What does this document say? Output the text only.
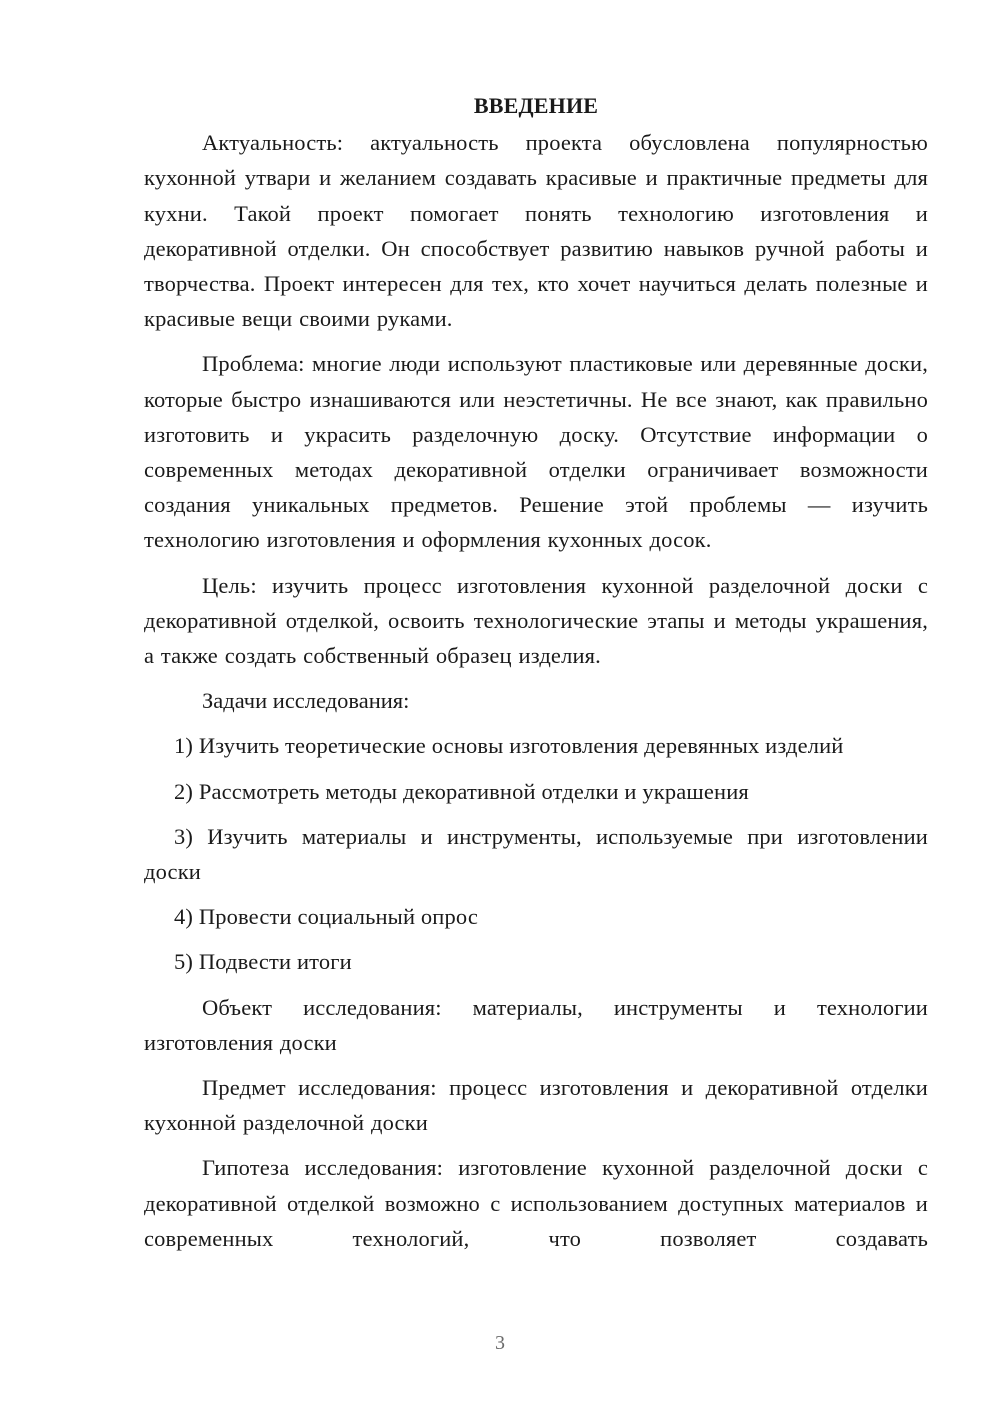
ВВЕДЕНИЕ

Актуальность: актуальность проекта обусловлена популярностью кухонной утвари и желанием создавать красивые и практичные предметы для кухни. Такой проект помогает понять технологию изготовления и декоративной отделки. Он способствует развитию навыков ручной работы и творчества. Проект интересен для тех, кто хочет научиться делать полезные и красивые вещи своими руками.

Проблема: многие люди используют пластиковые или деревянные доски, которые быстро изнашиваются или неэстетичны. Не все знают, как правильно изготовить и украсить разделочную доску. Отсутствие информации о современных методах декоративной отделки ограничивает возможности создания уникальных предметов. Решение этой проблемы — изучить технологию изготовления и оформления кухонных досок.

Цель: изучить процесс изготовления кухонной разделочной доски с декоративной отделкой, освоить технологические этапы и методы украшения, а также создать собственный образец изделия.

Задачи исследования:

1) Изучить теоретические основы изготовления деревянных изделий

2) Рассмотреть методы декоративной отделки и украшения

3) Изучить материалы и инструменты, используемые при изготовлении доски

4) Провести социальный опрос

5) Подвести итоги

Объект исследования: материалы, инструменты и технологии изготовления доски

Предмет исследования: процесс изготовления и декоративной отделки кухонной разделочной доски

Гипотеза исследования: изготовление кухонной разделочной доски с декоративной отделкой возможно с использованием доступных материалов и современных технологий, что позволяет создавать

3
